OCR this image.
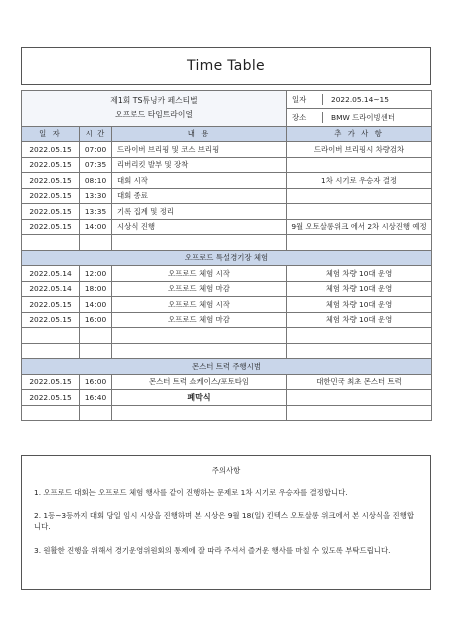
Time Table
제1회 TS튜닝카 페스티벌
오프로드 타임트라이얼			일자 2022.05.14~15
			장소 BMW 드라이빙센터
일 자	시 간	내 용	추 가 사 항
2022.05.15	07:00	드라이버 브리핑 및 코스 브리핑	드라이버 브리핑시 차량검차
2022.05.15	07:35	리버리킷 발부 및 장착	
2022.05.15	08:10	대회 시작	1차 시기로 우승자 결정
2022.05.15	13:30	대회 종료	
2022.05.15	13:35	기록 집계 및 정리	
2022.05.15	14:00	시상식 진행	9월 오토살롱위크 에서 2차 시상진행 예정

오프로드 특설경기장 체험			
2022.05.14	12:00	오프로드 체험 시작	체험 차량 10대 운영
2022.05.14	18:00	오프로드 체험 마감	체험 차량 10대 운영
2022.05.15	14:00	오프로드 체험 시작	체험 차량 10대 운영
2022.05.15	16:00	오프로드 체험 마감	체험 차량 10대 운영

몬스터 트럭 주행시범			
2022.05.15	16:00	몬스터 트럭 쇼케이스/포토타임	대한민국 최초 몬스터 트럭
2022.05.15	16:40	폐막식	

주의사항
1. 오프로드 대회는 오프로드 체험 행사를 같이 진행하는 문제로 1차 시기로 우승자를 결정합니다.
2. 1등~3등까지 대회 당일 임시 시상을 진행하며 본 시상은 9월 18(일) 킨텍스 오토살롱 위크에서 본 시상식을 진행합니다.
3. 원활한 진행을 위해서 경기운영위원회의 통제에 잘 따라 주셔서 즐거운 행사를 마칠 수 있도록 부탁드립니다.
